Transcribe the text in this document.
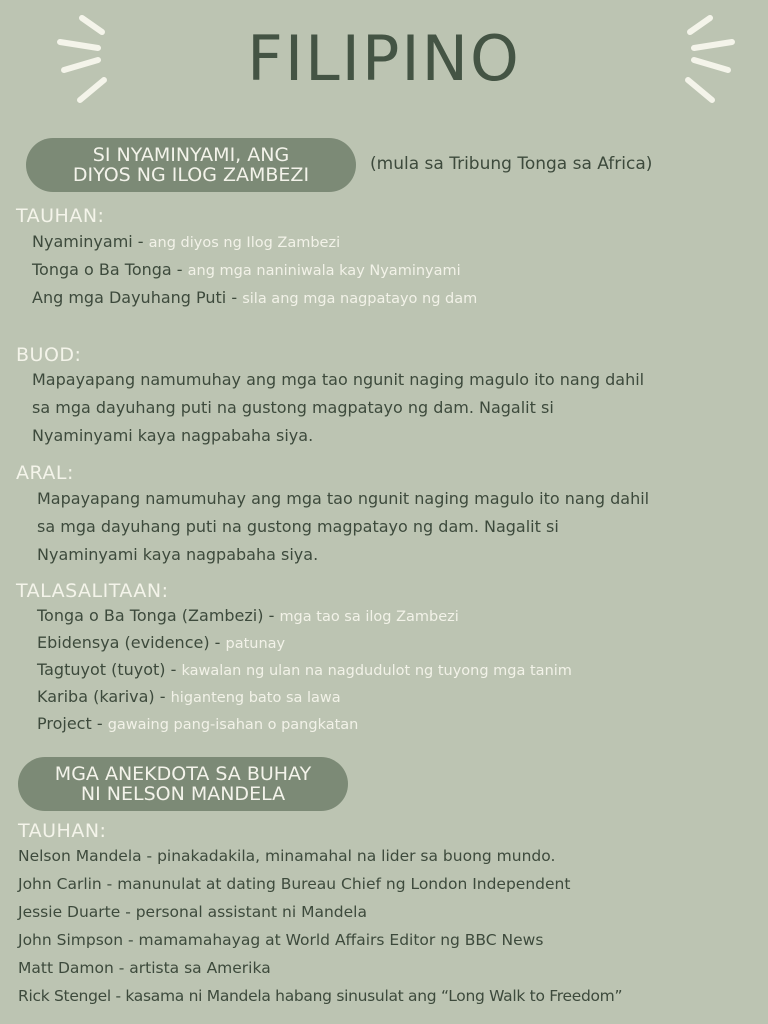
FILIPINO
SI NYAMINYAMI, ANG
DIYOS NG ILOG ZAMBEZI	(mula sa Tribung Tonga sa Africa)
TAUHAN:
Nyaminyami - ang diyos ng Ilog Zambezi
Tonga o Ba Tonga - ang mga naniniwala kay Nyaminyami
Ang mga Dayuhang Puti - sila ang mga nagpatayo ng dam
BUOD:
Mapayapang namumuhay ang mga tao ngunit naging magulo ito nang dahil
sa mga dayuhang puti na gustong magpatayo ng dam. Nagalit si
Nyaminyami kaya nagpabaha siya.
ARAL:
Mapayapang namumuhay ang mga tao ngunit naging magulo ito nang dahil
sa mga dayuhang puti na gustong magpatayo ng dam. Nagalit si
Nyaminyami kaya nagpabaha siya.
TALASALITAAN:
Tonga o Ba Tonga (Zambezi) - mga tao sa ilog Zambezi
Ebidensya (evidence) - patunay
Tagtuyot (tuyot) - kawalan ng ulan na nagdudulot ng tuyong mga tanim
Kariba (kariva) - higanteng bato sa lawa
Project - gawaing pang-isahan o pangkatan
MGA ANEKDOTA SA BUHAY
NI NELSON MANDELA
TAUHAN:
Nelson Mandela - pinakadakila, minamahal na lider sa buong mundo.
John Carlin - manunulat at dating Bureau Chief ng London Independent
Jessie Duarte - personal assistant ni Mandela
John Simpson - mamamahayag at World Affairs Editor ng BBC News
Matt Damon - artista sa Amerika
Rick Stengel - kasama ni Mandela habang sinusulat ang “Long Walk to Freedom”
